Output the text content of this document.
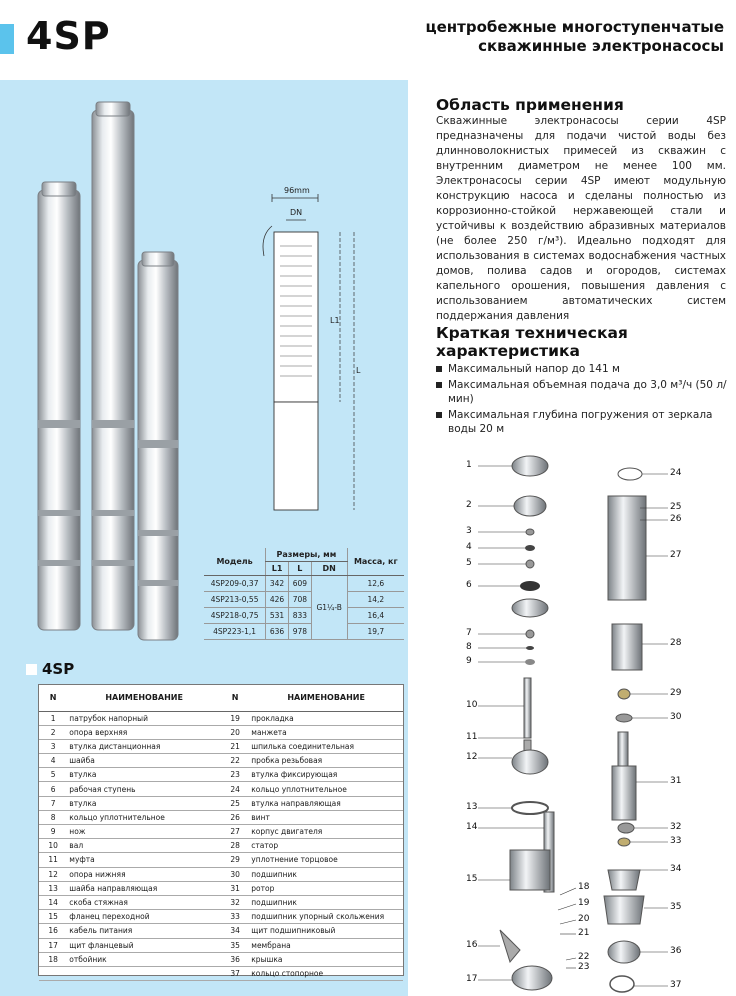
4SP	центробежные многоступенчатые
скважинные электронасосы
96mm
DN
L1
L
Модель	Размеры, мм			Масса, кг
	L1	L	DN	
4SP209-0,37	342	609	G1¼-B	12,6
4SP213-0,55	426	708		14,2
4SP218-0,75	531	833		16,4
4SP223-1,1	636	978		19,7
4SP
N	НАИМЕНОВАНИЕ	N	НАИМЕНОВАНИЕ
1	патрубок напорный	19	прокладка
2	опора верхняя	20	манжета
3	втулка дистанционная	21	шпилька соединительная
4	шайба	22	пробка резьбовая
5	втулка	23	втулка фиксирующая
6	рабочая ступень	24	кольцо уплотнительное
7	втулка	25	втулка направляющая
8	кольцо уплотнительное	26	винт
9	нож	27	корпус двигателя
10	вал	28	статор
11	муфта	29	уплотнение торцовое
12	опора нижняя	30	подшипник
13	шайба направляющая	31	ротор
14	скоба стяжная	32	подшипник
15	фланец переходной	33	подшипник упорный скольжения
16	кабель питания	34	щит подшипниковый
17	щит фланцевый	35	мембрана
18	отбойник	36	крышка
		37	кольцо стопорное
Область применения
Скважинные электронасосы серии 4SP предназначены для подачи чистой воды без длинноволокнистых примесей из скважин с внутренним диаметром не менее 100 мм. Электронасосы серии 4SP имеют модульную конструкцию насоса и сделаны полностью из коррозионно-стойкой нержавеющей стали и устойчивы к воздействию абразивных материалов (не более 250 г/м³). Идеально подходят для использования в системах водоснабжения частных домов, полива садов и огородов, системах капельного орошения, повышения давления с использованием автоматических систем поддержания давления
Краткая техническая
характеристика
Максимальный напор до 141 м
Максимальная объемная подача до 3,0 м³/ч (50 л/мин)
Максимальная глубина погружения от зеркала воды 20 м
1
2
3
4
5
6
7
8
9
10
11
12
13
14
15
16
17
24
25
26
27
28
29
30
31
32
33
34
35
36
37
18
19
20
21
22
23
